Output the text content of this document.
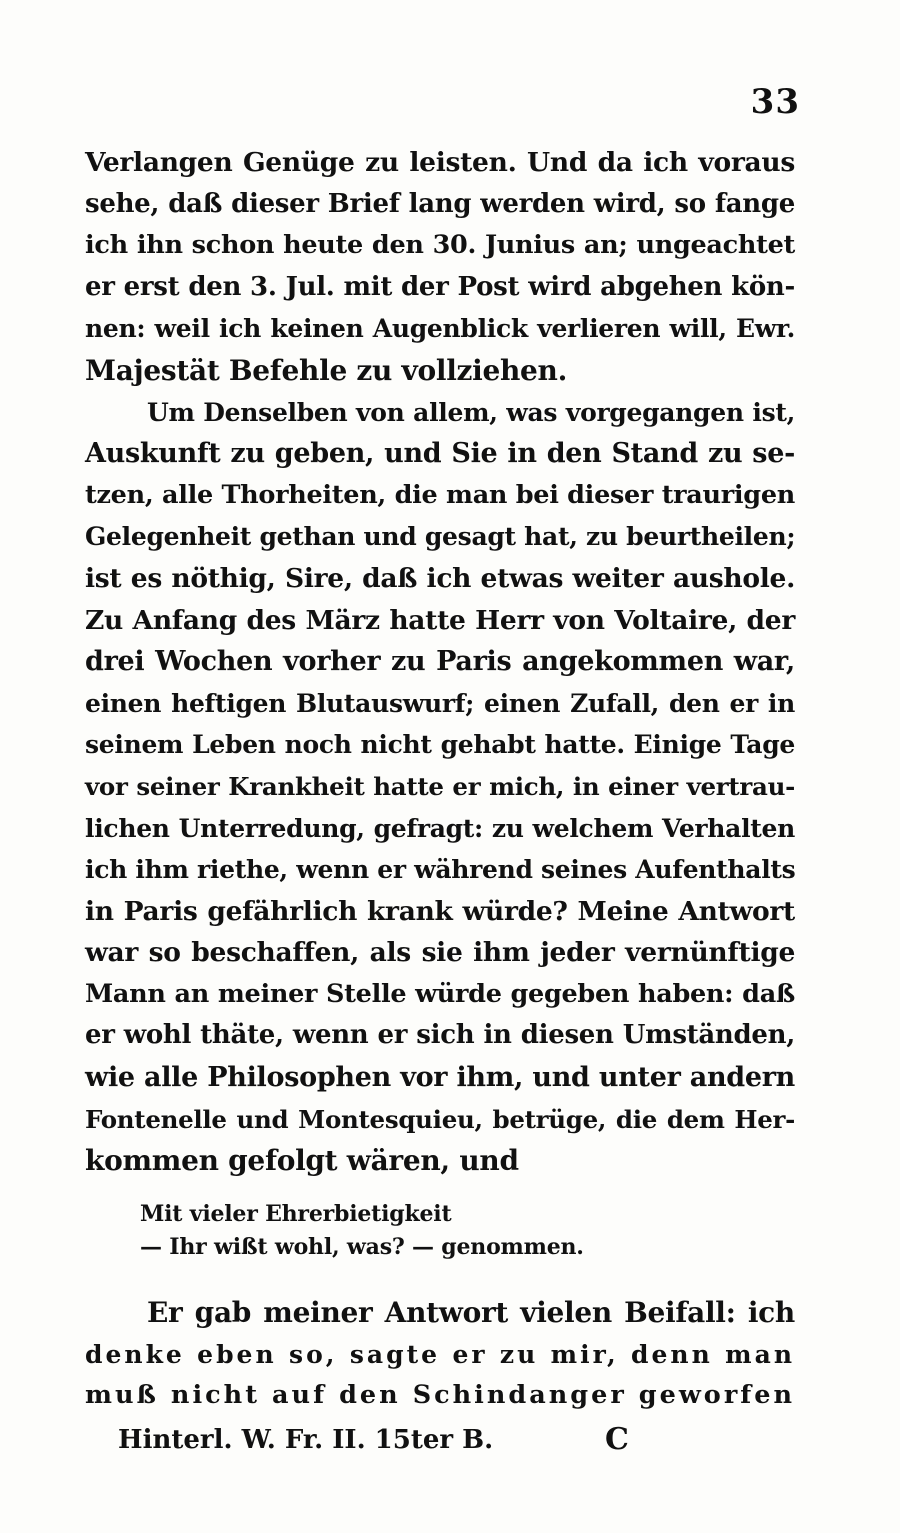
33
Verlangen Genüge zu leisten. Und da ich voraus
sehe, daß dieser Brief lang werden wird, so fange
ich ihn schon heute den 30. Junius an; ungeachtet
er erst den 3. Jul. mit der Post wird abgehen kön-
nen: weil ich keinen Augenblick verlieren will, Ewr.
Majestät Befehle zu vollziehen.
Um Denselben von allem, was vorgegangen ist,
Auskunft zu geben, und Sie in den Stand zu se-
tzen, alle Thorheiten, die man bei dieser traurigen
Gelegenheit gethan und gesagt hat, zu beurtheilen;
ist es nöthig, Sire, daß ich etwas weiter aushole.
Zu Anfang des März hatte Herr von Voltaire, der
drei Wochen vorher zu Paris angekommen war,
einen heftigen Blutauswurf; einen Zufall, den er in
seinem Leben noch nicht gehabt hatte. Einige Tage
vor seiner Krankheit hatte er mich, in einer vertrau-
lichen Unterredung, gefragt: zu welchem Verhalten
ich ihm riethe, wenn er während seines Aufenthalts
in Paris gefährlich krank würde? Meine Antwort
war so beschaffen, als sie ihm jeder vernünftige
Mann an meiner Stelle würde gegeben haben: daß
er wohl thäte, wenn er sich in diesen Umständen,
wie alle Philosophen vor ihm, und unter andern
Fontenelle und Montesquieu, betrüge, die dem Her-
kommen gefolgt wären, und
Mit vieler Ehrerbietigkeit
— Ihr wißt wohl, was? — genommen.
Er gab meiner Antwort vielen Beifall: ich
denke eben so, sagte er zu mir, denn man
muß nicht auf den Schindanger geworfen
Hinterl. W. Fr. II. 15ter B.	C
